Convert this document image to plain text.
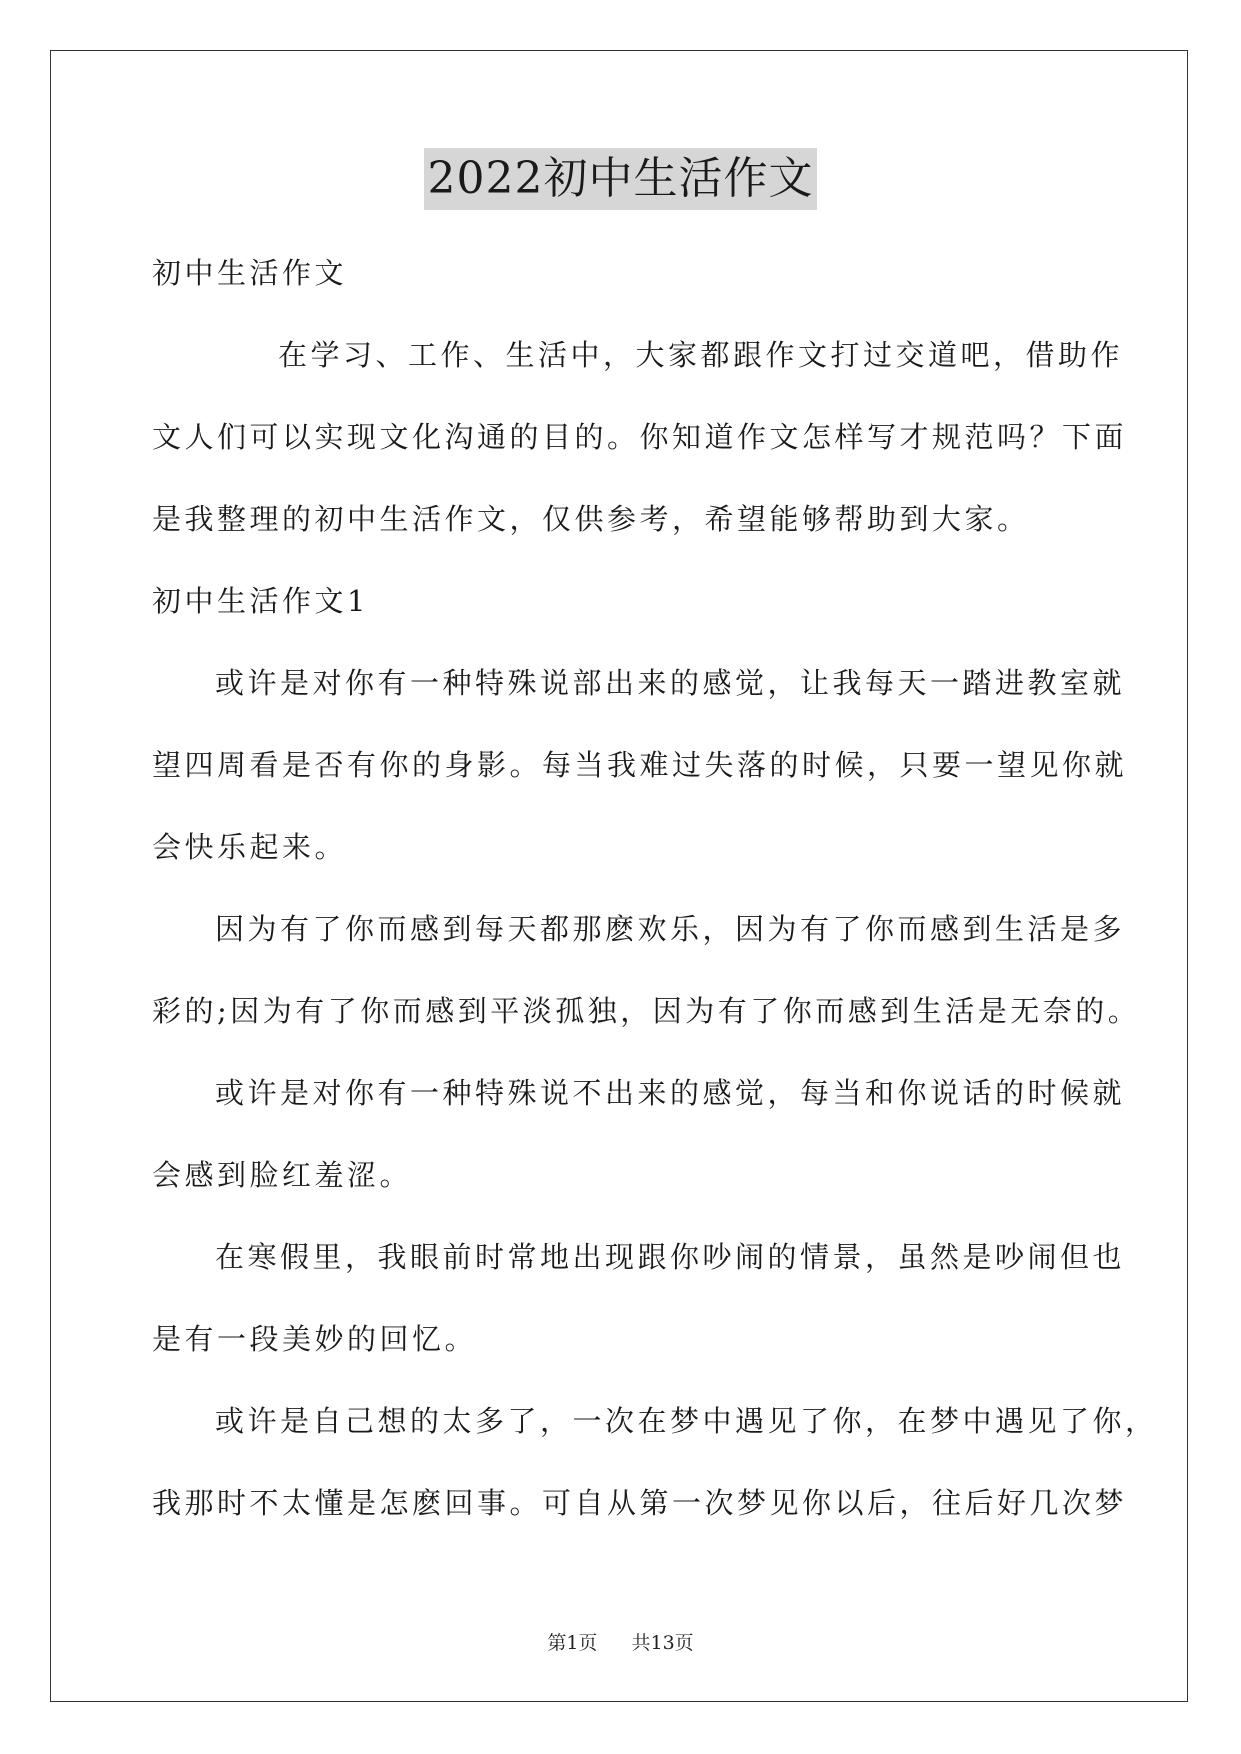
2022初中生活作文
初中生活作文
在学习、工作、生活中，大家都跟作文打过交道吧，借助作
文人们可以实现文化沟通的目的。你知道作文怎样写才规范吗？下面
是我整理的初中生活作文，仅供参考，希望能够帮助到大家。
初中生活作文1
或许是对你有一种特殊说部出来的感觉，让我每天一踏进教室就
望四周看是否有你的身影。每当我难过失落的时候，只要一望见你就
会快乐起来。
因为有了你而感到每天都那麽欢乐，因为有了你而感到生活是多
彩的;因为有了你而感到平淡孤独，因为有了你而感到生活是无奈的。
或许是对你有一种特殊说不出来的感觉，每当和你说话的时候就
会感到脸红羞涩。
在寒假里，我眼前时常地出现跟你吵闹的情景，虽然是吵闹但也
是有一段美妙的回忆。
或许是自己想的太多了，一次在梦中遇见了你，在梦中遇见了你，
我那时不太懂是怎麽回事。可自从第一次梦见你以后，往后好几次梦
第1页 共13页
